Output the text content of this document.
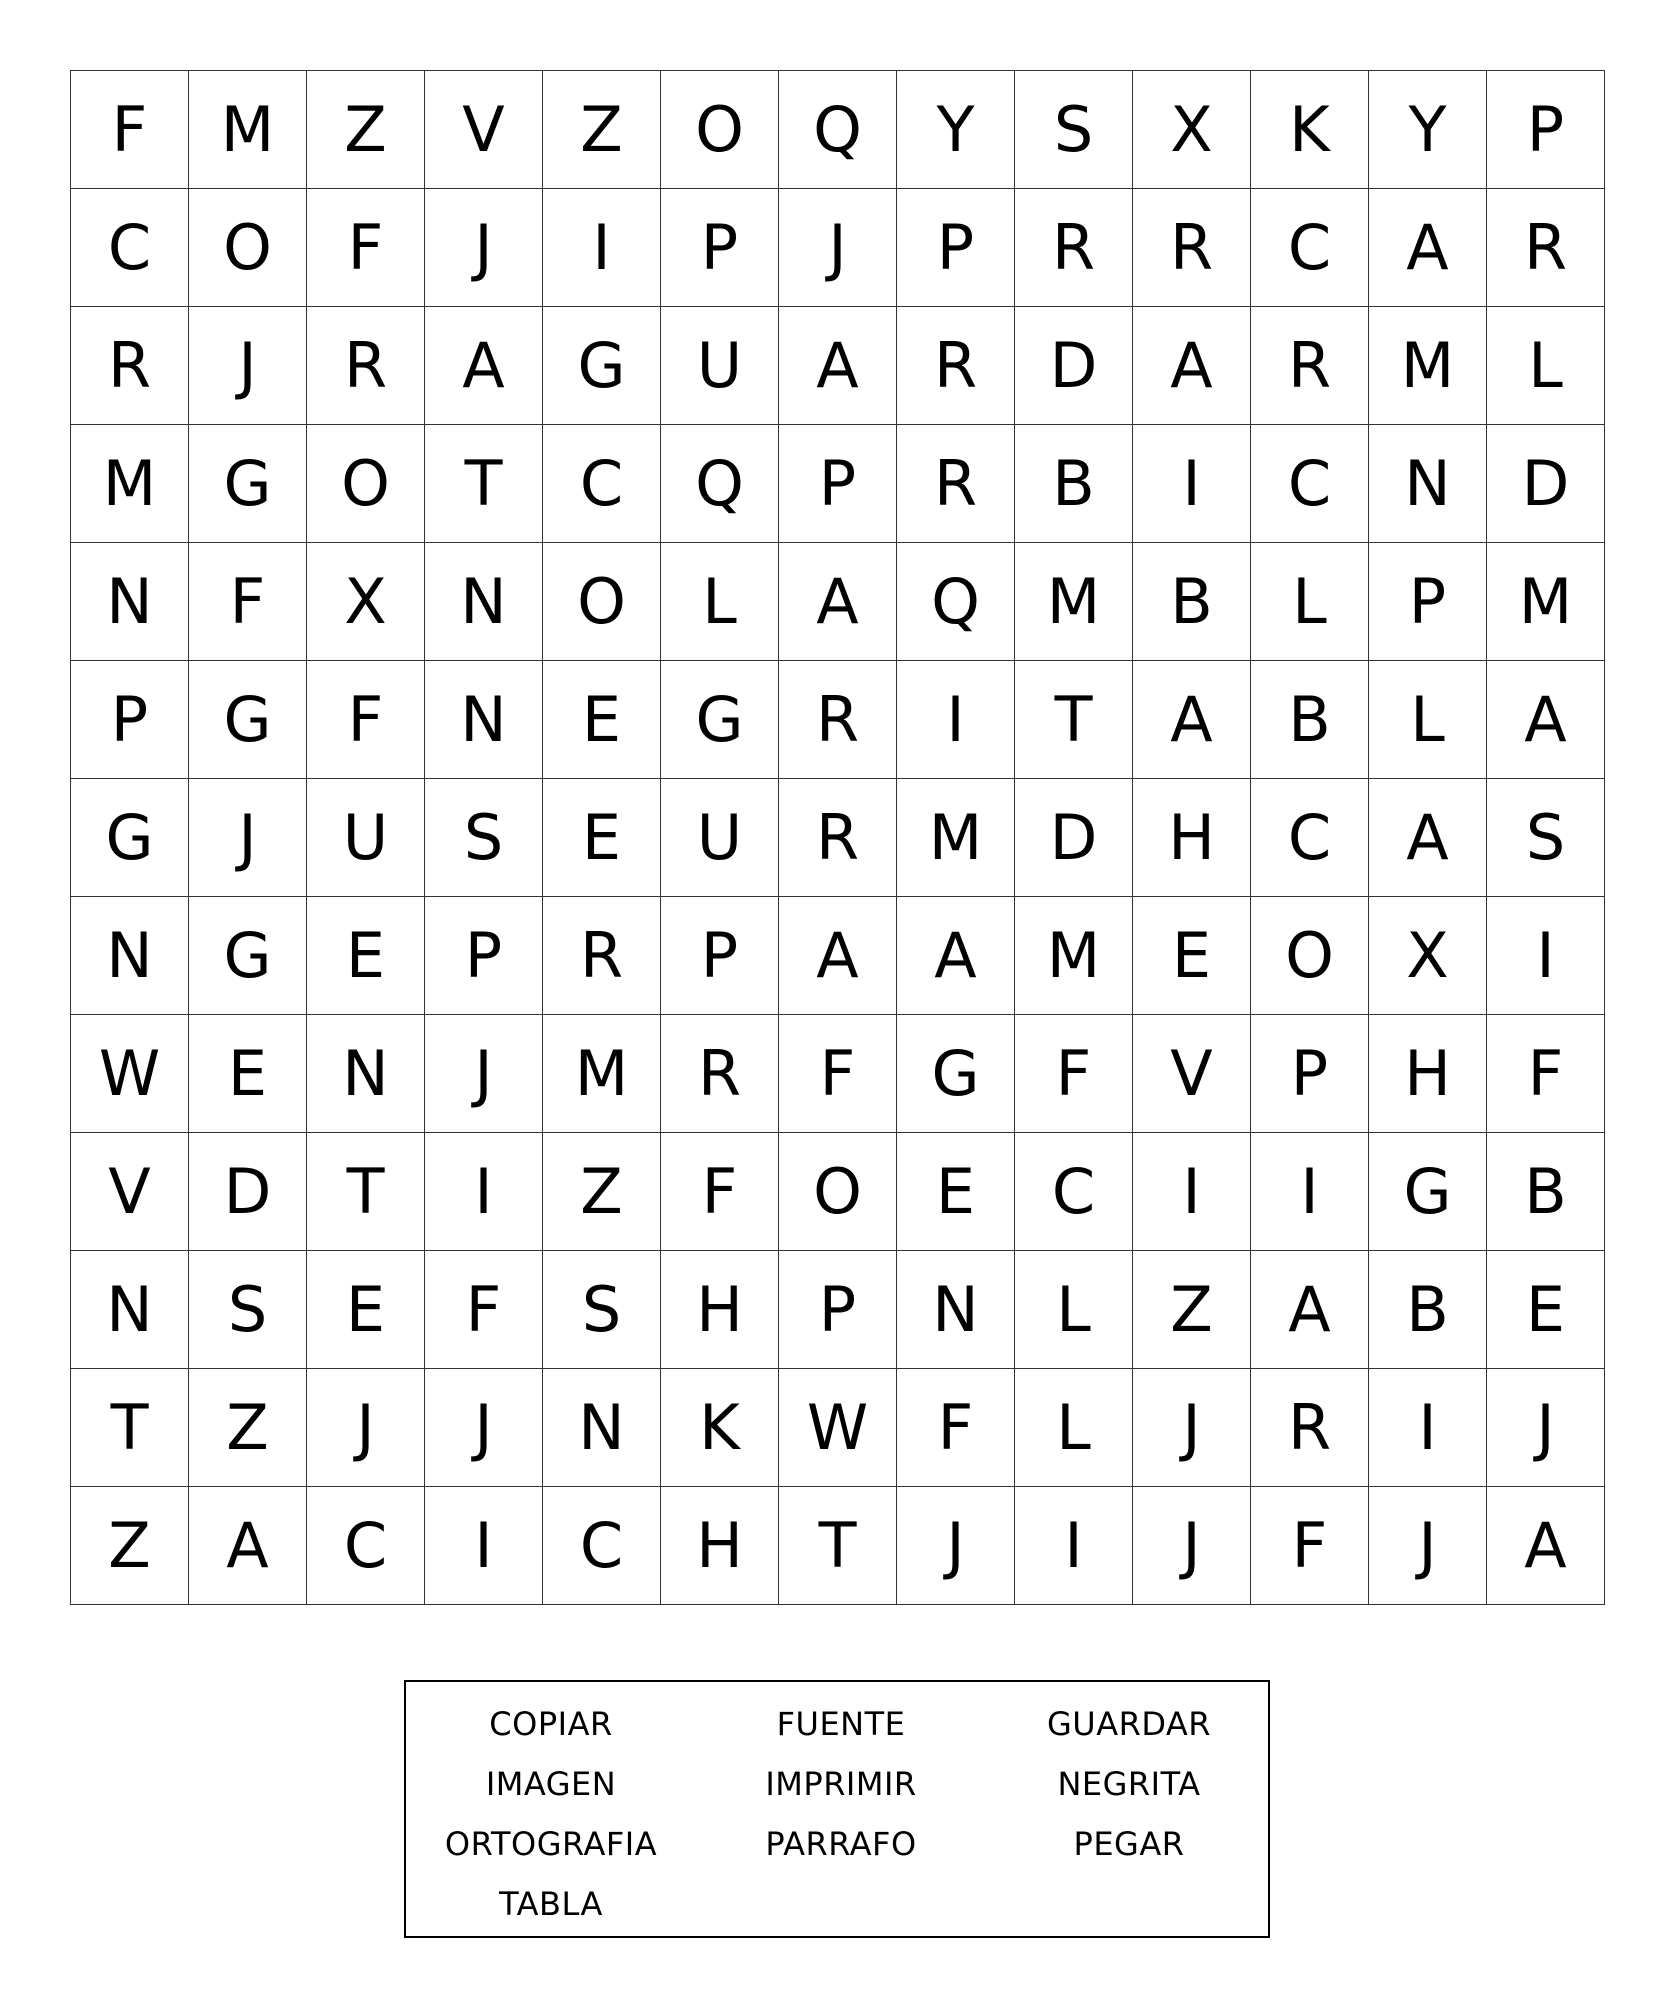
F	M	Z	V	Z	O	Q	Y	S	X	K	Y	P
C	O	F	J	I	P	J	P	R	R	C	A	R
R	J	R	A	G	U	A	R	D	A	R	M	L
M	G	O	T	C	Q	P	R	B	I	C	N	D
N	F	X	N	O	L	A	Q	M	B	L	P	M
P	G	F	N	E	G	R	I	T	A	B	L	A
G	J	U	S	E	U	R	M	D	H	C	A	S
N	G	E	P	R	P	A	A	M	E	O	X	I
W	E	N	J	M	R	F	G	F	V	P	H	F
V	D	T	I	Z	F	O	E	C	I	I	G	B
N	S	E	F	S	H	P	N	L	Z	A	B	E
T	Z	J	J	N	K	W	F	L	J	R	I	J
Z	A	C	I	C	H	T	J	I	J	F	J	A
COPIAR	FUENTE	GUARDAR
IMAGEN	IMPRIMIR	NEGRITA
ORTOGRAFIA	PARRAFO	PEGAR
TABLA
